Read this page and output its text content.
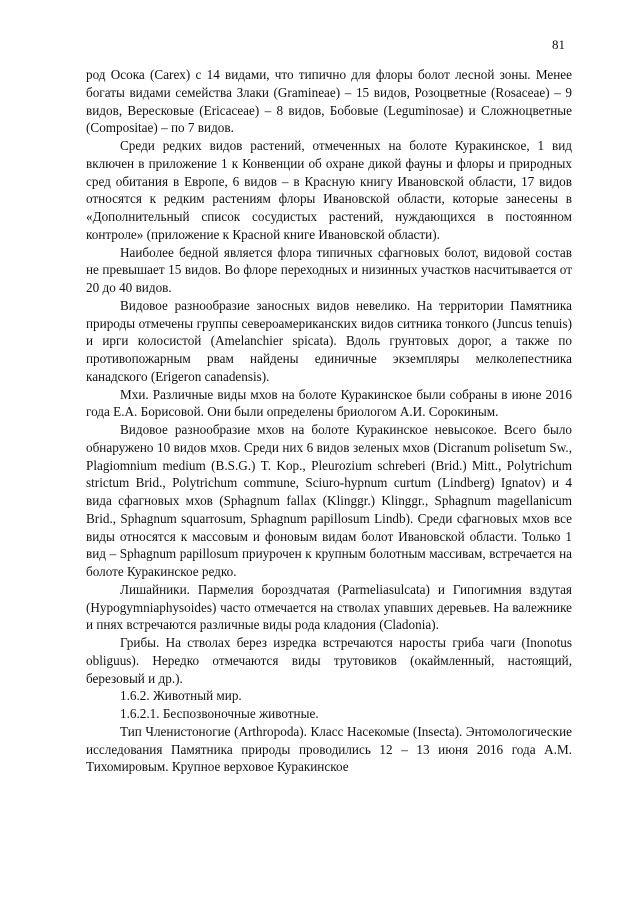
81

род Осока (Carex) с 14 видами, что типично для флоры болот лесной зоны. Менее богаты видами семейства Злаки (Gramineae) – 15 видов, Розоцветные (Rosaceae) – 9 видов, Вересковые (Ericaceae) – 8 видов, Бобовые (Leguminosae) и Сложноцветные (Compositae) – по 7 видов.

Среди редких видов растений, отмеченных на болоте Куракинское, 1 вид включен в приложение 1 к Конвенции об охране дикой фауны и флоры и природных сред обитания в Европе, 6 видов – в Красную книгу Ивановской области, 17 видов относятся к редким растениям флоры Ивановской области, которые занесены в «Дополнительный список сосудистых растений, нуждающихся в постоянном контроле» (приложение к Красной книге Ивановской области).

Наиболее бедной является флора типичных сфагновых болот, видовой состав не превышает 15 видов. Во флоре переходных и низинных участков насчитывается от 20 до 40 видов.

Видовое разнообразие заносных видов невелико. На территории Памятника природы отмечены группы североамериканских видов ситника тонкого (Juncus tenuis) и ирги колосистой (Amelanchier spicata). Вдоль грунтовых дорог, а также по противопожарным рвам найдены единичные экземпляры мелколепестника канадского (Erigeron canadensis).

Мхи. Различные виды мхов на болоте Куракинское были собраны в июне 2016 года Е.А. Борисовой. Они были определены бриологом А.И. Сорокиным.

Видовое разнообразие мхов на болоте Куракинское невысокое. Всего было обнаружено 10 видов мхов. Среди них 6 видов зеленых мхов (Dicranum polisetum Sw., Plagiomnium medium (B.S.G.) T. Kop., Pleurozium schreberi (Brid.) Mitt., Polytrichum strictum Brid., Polytrichum commune, Sciuro-hypnum curtum (Lindberg) Ignatov) и 4 вида сфагновых мхов (Sphagnum fallax (Klinggr.) Klinggr., Sphagnum magellanicum Brid., Sphagnum squarrosum, Sphagnum papillosum Lindb). Среди сфагновых мхов все виды относятся к массовым и фоновым видам болот Ивановской области. Только 1 вид – Sphagnum papillosum приурочен к крупным болотным массивам, встречается на болоте Куракинское редко.

Лишайники. Пармелия бороздчатая (Parmeliasulcata) и Гипогимния вздутая (Hypogymniaphysoides) часто отмечается на стволах упавших деревьев. На валежнике и пнях встречаются различные виды рода кладония (Cladonia).

Грибы. На стволах берез изредка встречаются наросты гриба чаги (Inonotus obliguus). Нередко отмечаются виды трутовиков (окаймленный, настоящий, березовый и др.).

1.6.2. Животный мир.

1.6.2.1. Беспозвоночные животные.

Тип Членистоногие (Arthropoda). Класс Насекомые (Insecta). Энтомологические исследования Памятника природы проводились 12 – 13 июня 2016 года А.М. Тихомировым. Крупное верховое Куракинское
